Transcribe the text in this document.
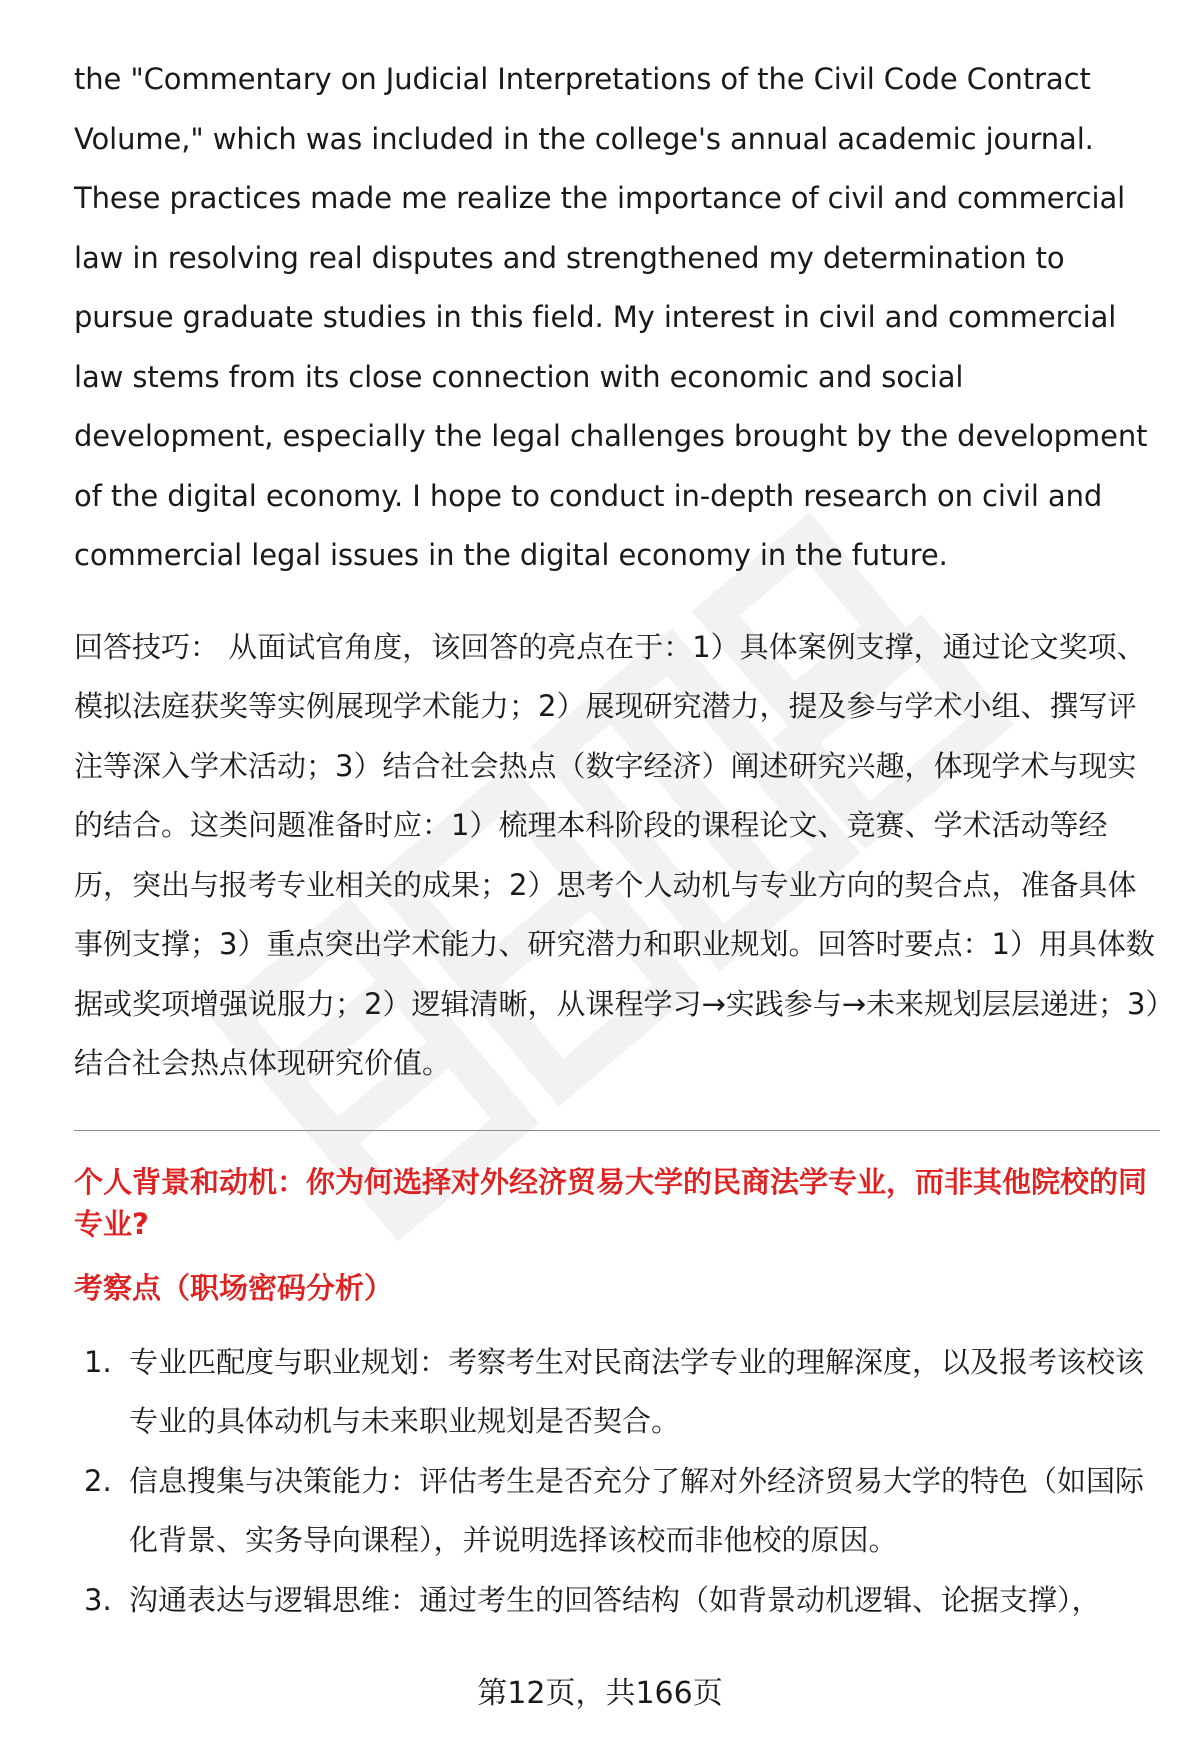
the "Commentary on Judicial Interpretations of the Civil Code Contract Volume," which was included in the college's annual academic journal. These practices made me realize the importance of civil and commercial law in resolving real disputes and strengthened my determination to pursue graduate studies in this field. My interest in civil and commercial law stems from its close connection with economic and social development, especially the legal challenges brought by the development of the digital economy. I hope to conduct in-depth research on civil and commercial legal issues in the digital economy in the future.

回答技巧： 从面试官角度，该回答的亮点在于：1）具体案例支撑，通过论文奖项、模拟法庭获奖等实例展现学术能力；2）展现研究潜力，提及参与学术小组、撰写评注等深入学术活动；3）结合社会热点（数字经济）阐述研究兴趣，体现学术与现实的结合。这类问题准备时应：1）梳理本科阶段的课程论文、竞赛、学术活动等经历，突出与报考专业相关的成果；2）思考个人动机与专业方向的契合点，准备具体事例支撑；3）重点突出学术能力、研究潜力和职业规划。回答时要点：1）用具体数据或奖项增强说服力；2）逻辑清晰，从课程学习→实践参与→未来规划层层递进；3）结合社会热点体现研究价值。

个人背景和动机：你为何选择对外经济贸易大学的民商法学专业，而非其他院校的同专业?
考察点（职场密码分析）
1. 专业匹配度与职业规划：考察考生对民商法学专业的理解深度，以及报考该校该专业的具体动机与未来职业规划是否契合。
2. 信息搜集与决策能力：评估考生是否充分了解对外经济贸易大学的特色（如国际化背景、实务导向课程），并说明选择该校而非他校的原因。
3. 沟通表达与逻辑思维：通过考生的回答结构（如背景动机逻辑、论据支撑），
第12页，共166页
